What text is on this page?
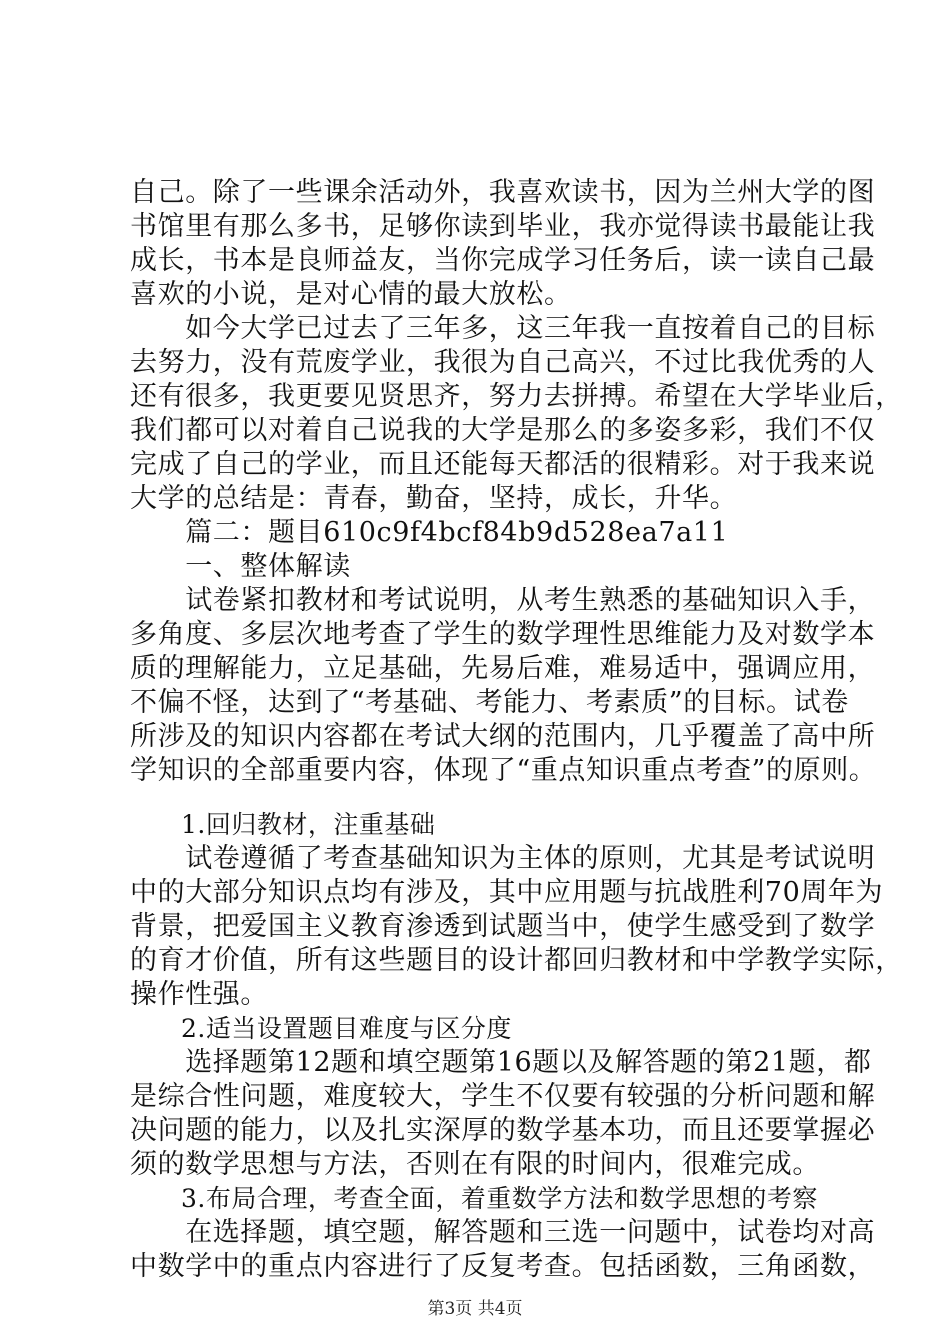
自己。除了一些课余活动外，我喜欢读书，因为兰州大学的图
书馆里有那么多书，足够你读到毕业，我亦觉得读书最能让我
成长，书本是良师益友，当你完成学习任务后，读一读自己最
喜欢的小说，是对心情的最大放松。
　　如今大学已过去了三年多，这三年我一直按着自己的目标
去努力，没有荒废学业，我很为自己高兴，不过比我优秀的人
还有很多，我更要见贤思齐，努力去拼搏。希望在大学毕业后，
我们都可以对着自己说我的大学是那么的多姿多彩，我们不仅
完成了自己的学业，而且还能每天都活的很精彩。对于我来说
大学的总结是：青春，勤奋，坚持，成长，升华。
　　篇二：题目610c9f4bcf84b9d528ea7a11
　　一、整体解读
　　试卷紧扣教材和考试说明，从考生熟悉的基础知识入手，
多角度、多层次地考查了学生的数学理性思维能力及对数学本
质的理解能力，立足基础，先易后难，难易适中，强调应用，
不偏不怪，达到了“考基础、考能力、考素质”的目标。试卷
所涉及的知识内容都在考试大纲的范围内，几乎覆盖了高中所
学知识的全部重要内容，体现了“重点知识重点考查”的原则。
　　1.回归教材，注重基础
　　试卷遵循了考查基础知识为主体的原则，尤其是考试说明
中的大部分知识点均有涉及，其中应用题与抗战胜利70周年为
背景，把爱国主义教育渗透到试题当中，使学生感受到了数学
的育才价值，所有这些题目的设计都回归教材和中学教学实际，
操作性强。
　　2.适当设置题目难度与区分度
　　选择题第12题和填空题第16题以及解答题的第21题，都
是综合性问题，难度较大，学生不仅要有较强的分析问题和解
决问题的能力，以及扎实深厚的数学基本功，而且还要掌握必
须的数学思想与方法，否则在有限的时间内，很难完成。
　　3.布局合理，考查全面，着重数学方法和数学思想的考察
　　在选择题，填空题，解答题和三选一问题中，试卷均对高
中数学中的重点内容进行了反复考查。包括函数，三角函数，
第3页 共4页
